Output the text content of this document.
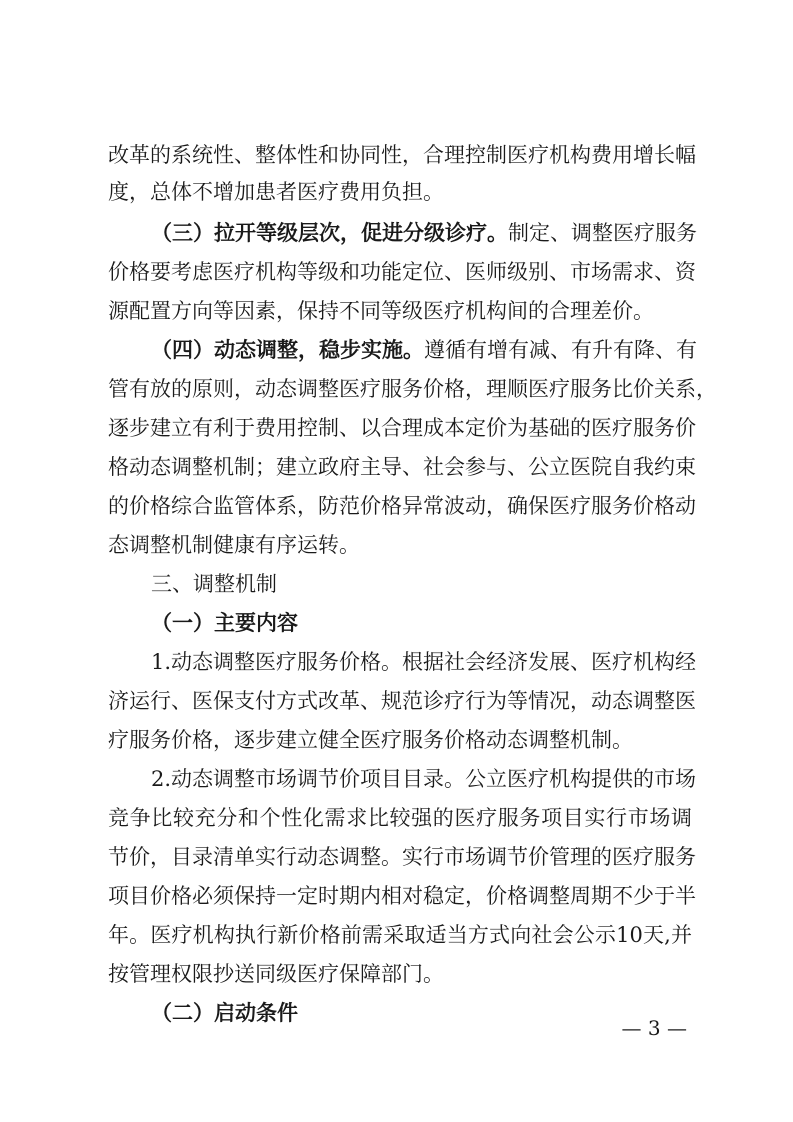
改革的系统性、整体性和协同性，合理控制医疗机构费用增长幅
度，总体不增加患者医疗费用负担。
（三）拉开等级层次，促进分级诊疗。制定、调整医疗服务
价格要考虑医疗机构等级和功能定位、医师级别、市场需求、资
源配置方向等因素，保持不同等级医疗机构间的合理差价。
（四）动态调整，稳步实施。遵循有增有减、有升有降、有
管有放的原则，动态调整医疗服务价格，理顺医疗服务比价关系，
逐步建立有利于费用控制、以合理成本定价为基础的医疗服务价
格动态调整机制；建立政府主导、社会参与、公立医院自我约束
的价格综合监管体系，防范价格异常波动，确保医疗服务价格动
态调整机制健康有序运转。
三、调整机制
（一）主要内容
1.动态调整医疗服务价格。根据社会经济发展、医疗机构经
济运行、医保支付方式改革、规范诊疗行为等情况，动态调整医
疗服务价格，逐步建立健全医疗服务价格动态调整机制。
2.动态调整市场调节价项目目录。公立医疗机构提供的市场
竞争比较充分和个性化需求比较强的医疗服务项目实行市场调
节价，目录清单实行动态调整。实行市场调节价管理的医疗服务
项目价格必须保持一定时期内相对稳定，价格调整周期不少于半
年。医疗机构执行新价格前需采取适当方式向社会公示10天,并
按管理权限抄送同级医疗保障部门。
（二）启动条件
— 3 —
